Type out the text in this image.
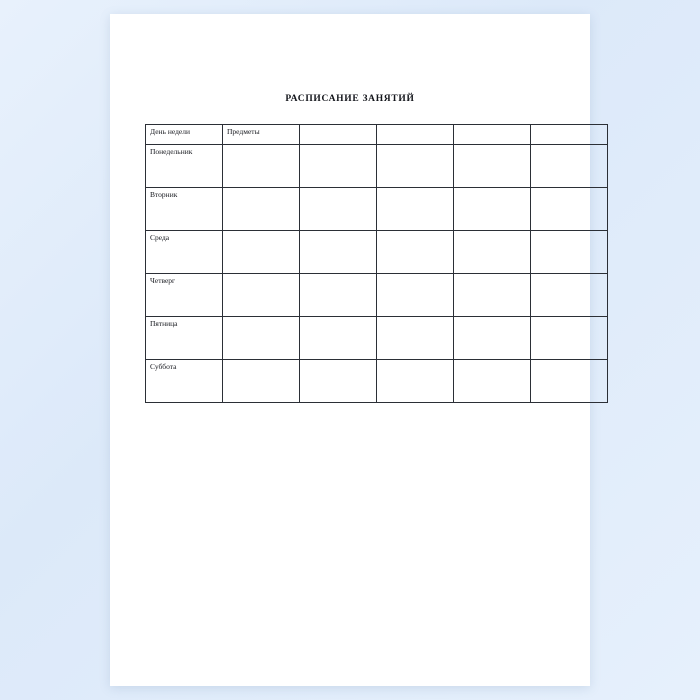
РАСПИСАНИЕ ЗАНЯТИЙ
День недели	Предметы				
Понедельник					
Вторник					
Среда					
Четверг					
Пятница					
Суббота					
